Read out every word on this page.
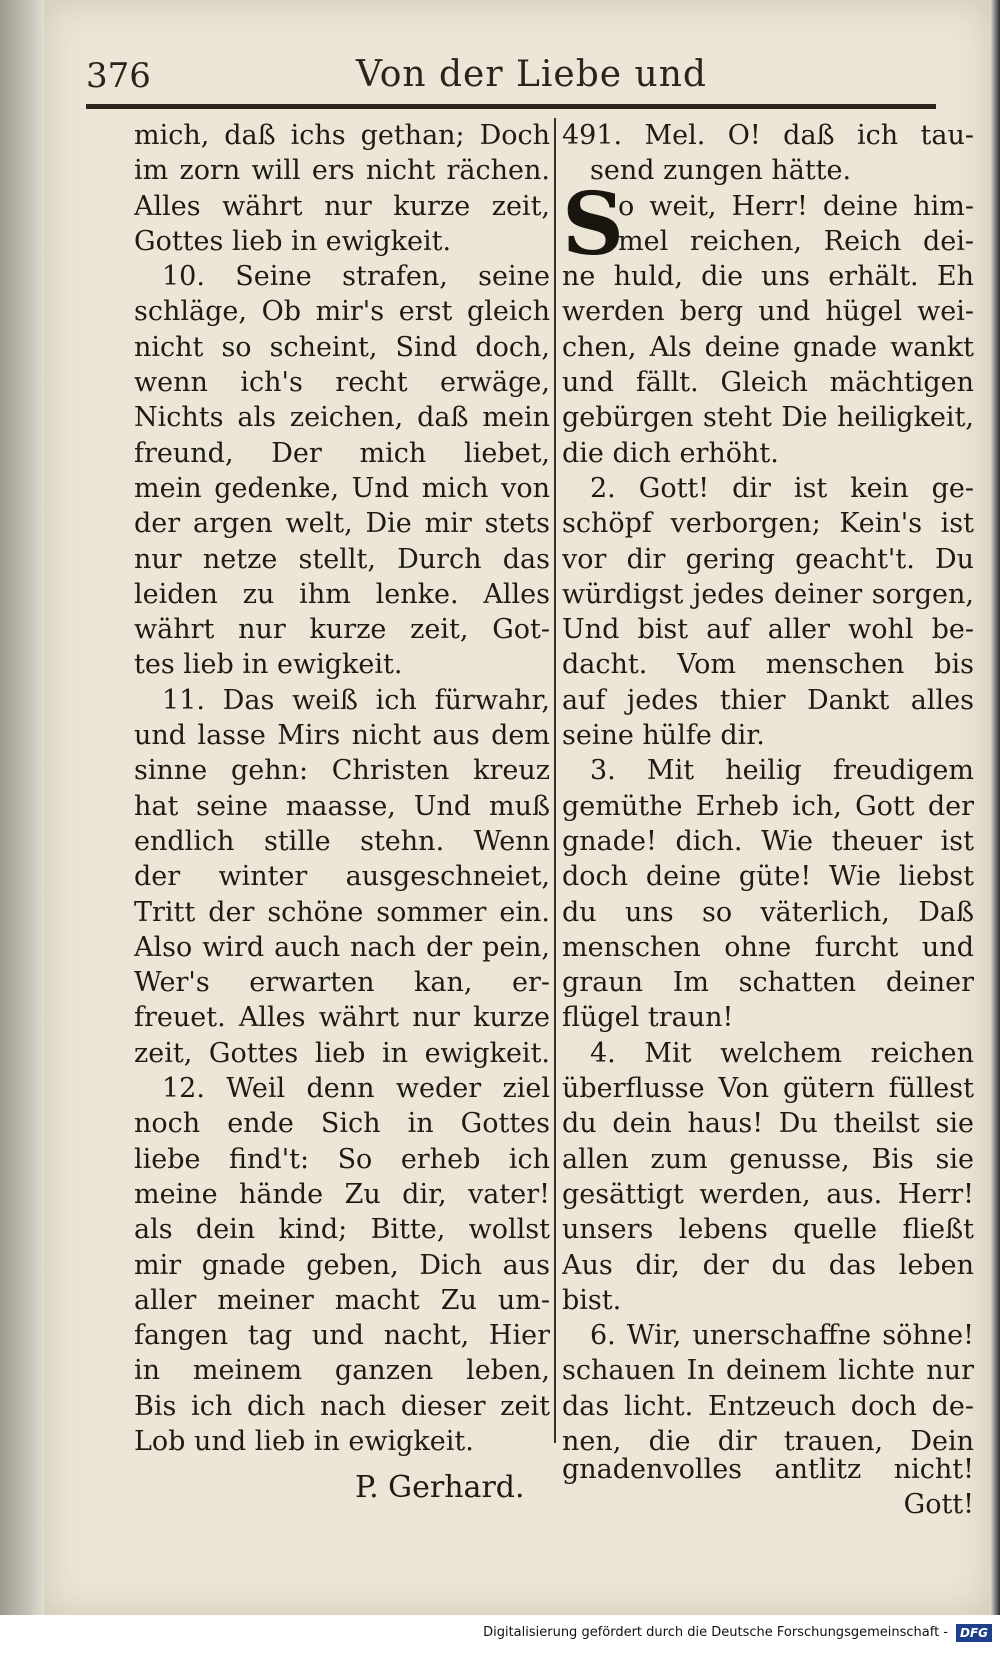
376	Von der Liebe und
mich, daß ichs gethan; Doch
im zorn will ers nicht rächen.
Alles währt nur kurze zeit,
Gottes lieb in ewigkeit.
10. Seine strafen, seine
schläge, Ob mir's erst gleich
nicht so scheint, Sind doch,
wenn ich's recht erwäge,
Nichts als zeichen, daß mein
freund, Der mich liebet,
mein gedenke, Und mich von
der argen welt, Die mir stets
nur netze stellt, Durch das
leiden zu ihm lenke. Alles
währt nur kurze zeit, Got-
tes lieb in ewigkeit.
11. Das weiß ich fürwahr,
und lasse Mirs nicht aus dem
sinne gehn: Christen kreuz
hat seine maasse, Und muß
endlich stille stehn. Wenn
der winter ausgeschneiet,
Tritt der schöne sommer ein.
Also wird auch nach der pein,
Wer's erwarten kan, er-
freuet. Alles währt nur kurze
zeit, Gottes lieb in ewigkeit.
12. Weil denn weder ziel
noch ende Sich in Gottes
liebe find't: So erheb ich
meine hände Zu dir, vater!
als dein kind; Bitte, wollst
mir gnade geben, Dich aus
aller meiner macht Zu um-
fangen tag und nacht, Hier
in meinem ganzen leben,
Bis ich dich nach dieser zeit
Lob und lieb in ewigkeit.
491. Mel. O! daß ich tau-
send zungen hätte.
S
o weit, Herr! deine him-
mel reichen, Reich dei-
ne huld, die uns erhält. Eh
werden berg und hügel wei-
chen, Als deine gnade wankt
und fällt. Gleich mächtigen
gebürgen steht Die heiligkeit,
die dich erhöht.
2. Gott! dir ist kein ge-
schöpf verborgen; Kein's ist
vor dir gering geacht't. Du
würdigst jedes deiner sorgen,
Und bist auf aller wohl be-
dacht. Vom menschen bis
auf jedes thier Dankt alles
seine hülfe dir.
3. Mit heilig freudigem
gemüthe Erheb ich, Gott der
gnade! dich. Wie theuer ist
doch deine güte! Wie liebst
du uns so väterlich, Daß
menschen ohne furcht und
graun Im schatten deiner
flügel traun!
4. Mit welchem reichen
überflusse Von gütern füllest
du dein haus! Du theilst sie
allen zum genusse, Bis sie
gesättigt werden, aus. Herr!
unsers lebens quelle fließt
Aus dir, der du das leben
bist.
6. Wir, unerschaffne söhne!
schauen In deinem lichte nur
das licht. Entzeuch doch de-
nen, die dir trauen, Dein
P. Gerhard.
gnadenvolles antlitz nicht!
Gott!
Digitalisierung gefördert durch die Deutsche Forschungsgemeinschaft - DFG
